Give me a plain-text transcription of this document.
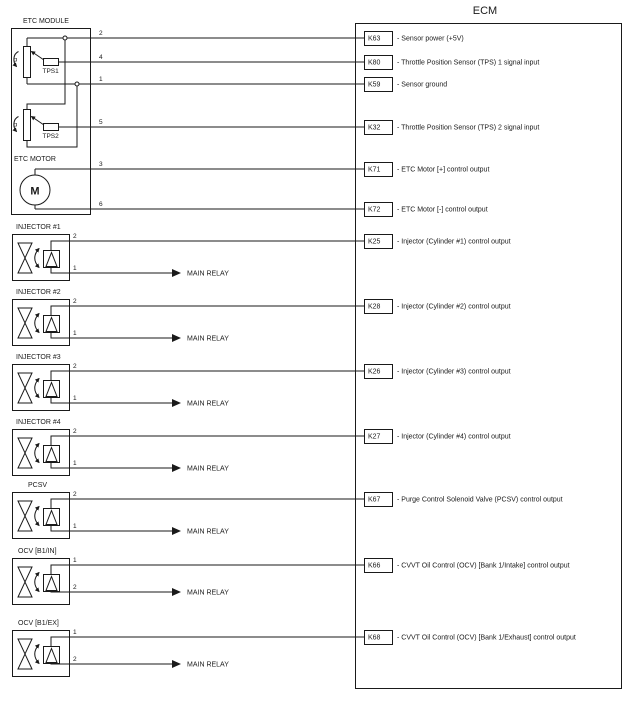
ECM
ETC MODULE
α
TPS1
α
TPS2
ETC MOTOR
M
2
4
1
5
3
6
INJECTOR #1
2
1
MAIN RELAY
INJECTOR #2
2
1
MAIN RELAY
INJECTOR #3
2
1
MAIN RELAY
INJECTOR #4
2
1
MAIN RELAY
PCSV
2
1
MAIN RELAY
OCV [B1/IN]
1
2
MAIN RELAY
OCV [B1/EX]
1
2
MAIN RELAY
K63 - Sensor power (+5V)
K80 - Throttle Position Sensor (TPS) 1 signal input
K59 - Sensor ground
K32 - Throttle Position Sensor (TPS) 2 signal input
K71 - ETC Motor [+] control output
K72 - ETC Motor [-] control output
K25 - Injector (Cylinder #1) control output
K28 - Injector (Cylinder #2) control output
K26 - Injector (Cylinder #3) control output
K27 - Injector (Cylinder #4) control output
K67 - Purge Control Solenoid Valve (PCSV) control output
K66 - CVVT Oil Control (OCV) [Bank 1/Intake] control output
K68 - CVVT Oil Control (OCV) [Bank 1/Exhaust] control output
